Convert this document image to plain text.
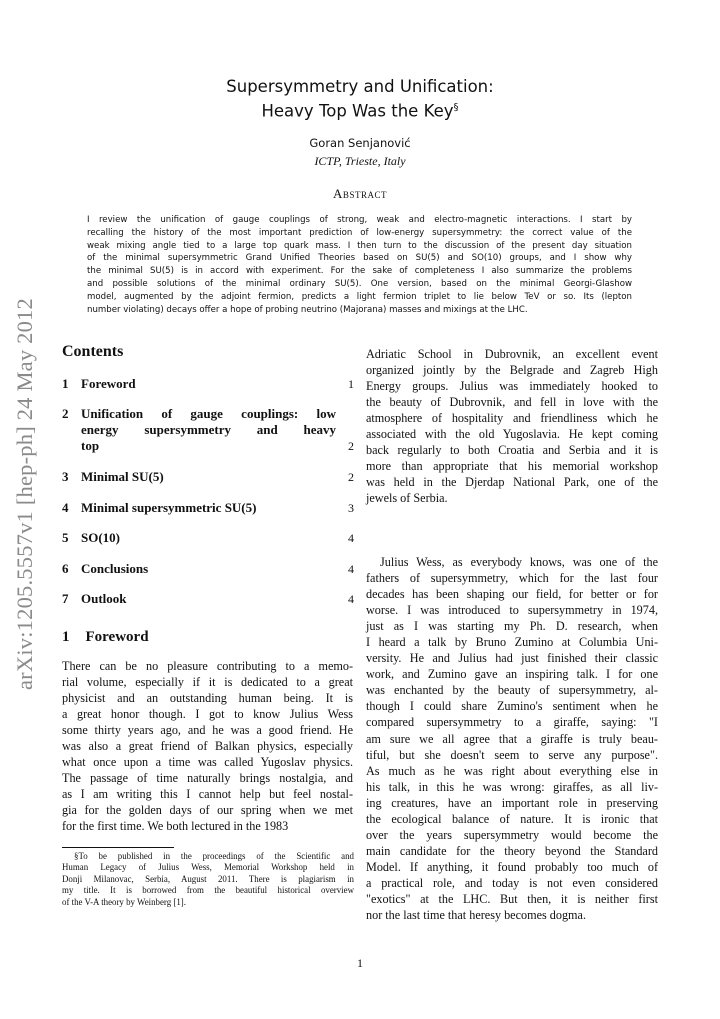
arXiv:1205.5557v1 [hep-ph] 24 May 2012
Supersymmetry and Unification:
Heavy Top Was the Key§
Goran Senjanović
ICTP, Trieste, Italy
Abstract
I review the unification of gauge couplings of strong, weak and electro-magnetic interactions. I start by
recalling the history of the most important prediction of low-energy supersymmetry: the correct value of the
weak mixing angle tied to a large top quark mass. I then turn to the discussion of the present day situation
of the minimal supersymmetric Grand Unified Theories based on SU(5) and SO(10) groups, and I show why
the minimal SU(5) is in accord with experiment. For the sake of completeness I also summarize the problems
and possible solutions of the minimal ordinary SU(5). One version, based on the minimal Georgi-Glashow
model, augmented by the adjoint fermion, predicts a light fermion triplet to lie below TeV or so. Its (lepton
number violating) decays offer a hope of probing neutrino (Majorana) masses and mixings at the LHC.
Contents
1 Foreword	1
2 Unification of gauge couplings: low
energy supersymmetry and heavy
top	2
3 Minimal SU(5)	2
4 Minimal supersymmetric SU(5)	3
5 SO(10)	4
6 Conclusions	4
7 Outlook	4
1 Foreword
There can be no pleasure contributing to a memo-
rial volume, especially if it is dedicated to a great
physicist and an outstanding human being. It is
a great honor though. I got to know Julius Wess
some thirty years ago, and he was a good friend. He
was also a great friend of Balkan physics, especially
what once upon a time was called Yugoslav physics.
The passage of time naturally brings nostalgia, and
as I am writing this I cannot help but feel nostal-
gia for the golden days of our spring when we met
for the first time. We both lectured in the 1983
§To be published in the proceedings of the Scientific and
Human Legacy of Julius Wess, Memorial Workshop held in
Donji Milanovac, Serbia, August 2011. There is plagiarism in
my title. It is borrowed from the beautiful historical overview
of the V-A theory by Weinberg [1].
Adriatic School in Dubrovnik, an excellent event
organized jointly by the Belgrade and Zagreb High
Energy groups. Julius was immediately hooked to
the beauty of Dubrovnik, and fell in love with the
atmosphere of hospitality and friendliness which he
associated with the old Yugoslavia. He kept coming
back regularly to both Croatia and Serbia and it is
more than appropriate that his memorial workshop
was held in the Djerdap National Park, one of the
jewels of Serbia.
Julius Wess, as everybody knows, was one of the
fathers of supersymmetry, which for the last four
decades has been shaping our field, for better or for
worse. I was introduced to supersymmetry in 1974,
just as I was starting my Ph. D. research, when
I heard a talk by Bruno Zumino at Columbia Uni-
versity. He and Julius had just finished their classic
work, and Zumino gave an inspiring talk. I for one
was enchanted by the beauty of supersymmetry, al-
though I could share Zumino's sentiment when he
compared supersymmetry to a giraffe, saying: "I
am sure we all agree that a giraffe is truly beau-
tiful, but she doesn't seem to serve any purpose".
As much as he was right about everything else in
his talk, in this he was wrong: giraffes, as all liv-
ing creatures, have an important role in preserving
the ecological balance of nature. It is ironic that
over the years supersymmetry would become the
main candidate for the theory beyond the Standard
Model. If anything, it found probably too much of
a practical role, and today is not even considered
"exotics" at the LHC. But then, it is neither first
nor the last time that heresy becomes dogma.
1
